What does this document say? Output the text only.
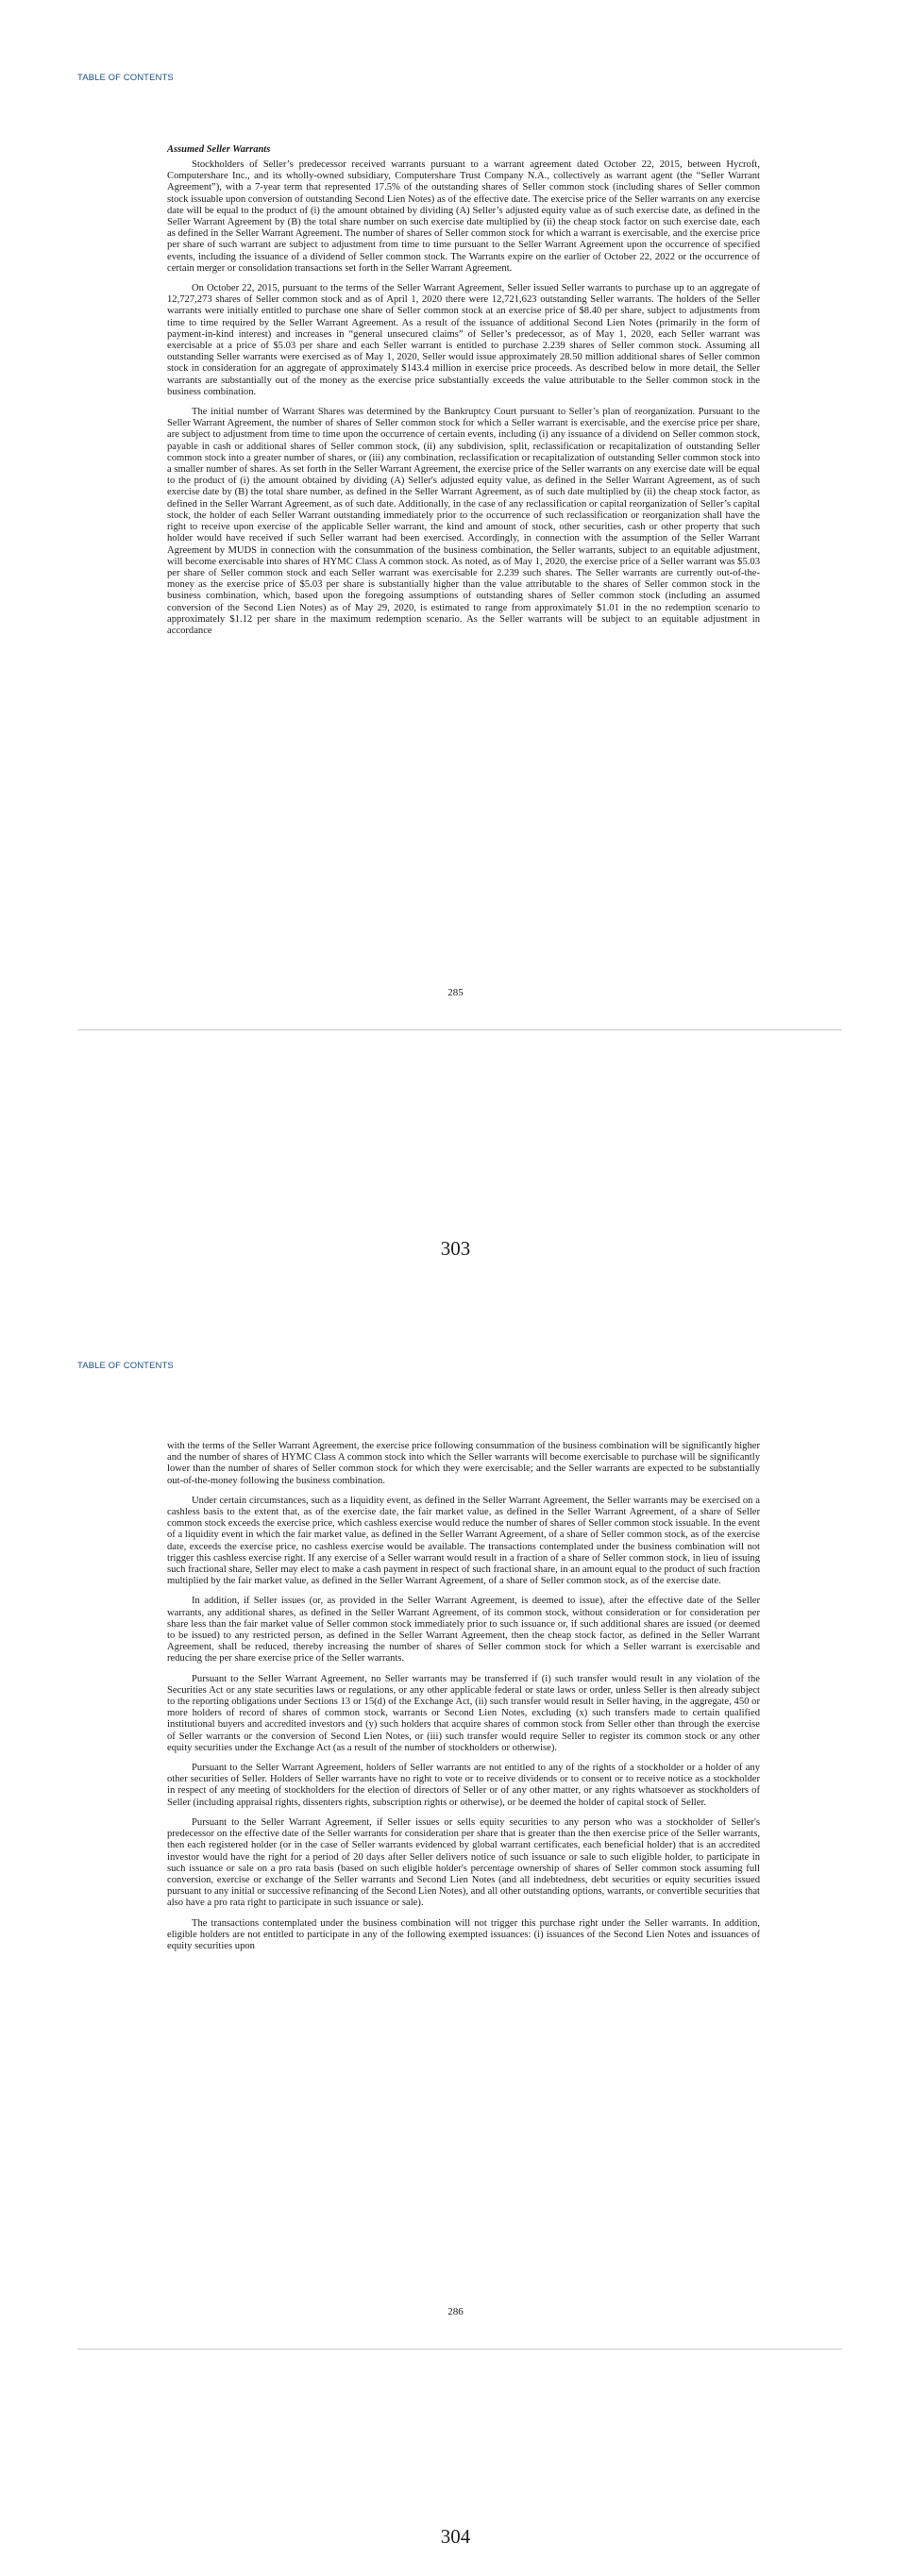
TABLE OF CONTENTS

Assumed Seller Warrants

Stockholders of Seller’s predecessor received warrants pursuant to a warrant agreement dated October 22, 2015, between Hycroft, Computershare Inc., and its wholly-owned subsidiary, Computershare Trust Company N.A., collectively as warrant agent (the “Seller Warrant Agreement”), with a 7-year term that represented 17.5% of the outstanding shares of Seller common stock (including shares of Seller common stock issuable upon conversion of outstanding Second Lien Notes) as of the effective date. The exercise price of the Seller warrants on any exercise date will be equal to the product of (i) the amount obtained by dividing (A) Seller’s adjusted equity value as of such exercise date, as defined in the Seller Warrant Agreement by (B) the total share number on such exercise date multiplied by (ii) the cheap stock factor on such exercise date, each as defined in the Seller Warrant Agreement. The number of shares of Seller common stock for which a warrant is exercisable, and the exercise price per share of such warrant are subject to adjustment from time to time pursuant to the Seller Warrant Agreement upon the occurrence of specified events, including the issuance of a dividend of Seller common stock. The Warrants expire on the earlier of October 22, 2022 or the occurrence of certain merger or consolidation transactions set forth in the Seller Warrant Agreement.

On October 22, 2015, pursuant to the terms of the Seller Warrant Agreement, Seller issued Seller warrants to purchase up to an aggregate of 12,727,273 shares of Seller common stock and as of April 1, 2020 there were 12,721,623 outstanding Seller warrants. The holders of the Seller warrants were initially entitled to purchase one share of Seller common stock at an exercise price of $8.40 per share, subject to adjustments from time to time required by the Seller Warrant Agreement. As a result of the issuance of additional Second Lien Notes (primarily in the form of payment-in-kind interest) and increases in “general unsecured claims” of Seller’s predecessor, as of May 1, 2020, each Seller warrant was exercisable at a price of $5.03 per share and each Seller warrant is entitled to purchase 2.239 shares of Seller common stock. Assuming all outstanding Seller warrants were exercised as of May 1, 2020, Seller would issue approximately 28.50 million additional shares of Seller common stock in consideration for an aggregate of approximately $143.4 million in exercise price proceeds. As described below in more detail, the Seller warrants are substantially out of the money as the exercise price substantially exceeds the value attributable to the Seller common stock in the business combination.

The initial number of Warrant Shares was determined by the Bankruptcy Court pursuant to Seller’s plan of reorganization. Pursuant to the Seller Warrant Agreement, the number of shares of Seller common stock for which a Seller warrant is exercisable, and the exercise price per share, are subject to adjustment from time to time upon the occurrence of certain events, including (i) any issuance of a dividend on Seller common stock, payable in cash or additional shares of Seller common stock, (ii) any subdivision, split, reclassification or recapitalization of outstanding Seller common stock into a greater number of shares, or (iii) any combination, reclassification or recapitalization of outstanding Seller common stock into a smaller number of shares. As set forth in the Seller Warrant Agreement, the exercise price of the Seller warrants on any exercise date will be equal to the product of (i) the amount obtained by dividing (A) Seller's adjusted equity value, as defined in the Seller Warrant Agreement, as of such exercise date by (B) the total share number, as defined in the Seller Warrant Agreement, as of such date multiplied by (ii) the cheap stock factor, as defined in the Seller Warrant Agreement, as of such date. Additionally, in the case of any reclassification or capital reorganization of Seller’s capital stock, the holder of each Seller Warrant outstanding immediately prior to the occurrence of such reclassification or reorganization shall have the right to receive upon exercise of the applicable Seller warrant, the kind and amount of stock, other securities, cash or other property that such holder would have received if such Seller warrant had been exercised. Accordingly, in connection with the assumption of the Seller Warrant Agreement by MUDS in connection with the consummation of the business combination, the Seller warrants, subject to an equitable adjustment, will become exercisable into shares of HYMC Class A common stock. As noted, as of May 1, 2020, the exercise price of a Seller warrant was $5.03 per share of Seller common stock and each Seller warrant was exercisable for 2.239 such shares. The Seller warrants are currently out-of-the-money as the exercise price of $5.03 per share is substantially higher than the value attributable to the shares of Seller common stock in the business combination, which, based upon the foregoing assumptions of outstanding shares of Seller common stock (including an assumed conversion of the Second Lien Notes) as of May 29, 2020, is estimated to range from approximately $1.01 in the no redemption scenario to approximately $1.12 per share in the maximum redemption scenario. As the Seller warrants will be subject to an equitable adjustment in accordance

285
303
TABLE OF CONTENTS

with the terms of the Seller Warrant Agreement, the exercise price following consummation of the business combination will be significantly higher and the number of shares of HYMC Class A common stock into which the Seller warrants will become exercisable to purchase will be significantly lower than the number of shares of Seller common stock for which they were exercisable; and the Seller warrants are expected to be substantially out-of-the-money following the business combination.

Under certain circumstances, such as a liquidity event, as defined in the Seller Warrant Agreement, the Seller warrants may be exercised on a cashless basis to the extent that, as of the exercise date, the fair market value, as defined in the Seller Warrant Agreement, of a share of Seller common stock exceeds the exercise price, which cashless exercise would reduce the number of shares of Seller common stock issuable. In the event of a liquidity event in which the fair market value, as defined in the Seller Warrant Agreement, of a share of Seller common stock, as of the exercise date, exceeds the exercise price, no cashless exercise would be available. The transactions contemplated under the business combination will not trigger this cashless exercise right. If any exercise of a Seller warrant would result in a fraction of a share of Seller common stock, in lieu of issuing such fractional share, Seller may elect to make a cash payment in respect of such fractional share, in an amount equal to the product of such fraction multiplied by the fair market value, as defined in the Seller Warrant Agreement, of a share of Seller common stock, as of the exercise date.

In addition, if Seller issues (or, as provided in the Seller Warrant Agreement, is deemed to issue), after the effective date of the Seller warrants, any additional shares, as defined in the Seller Warrant Agreement, of its common stock, without consideration or for consideration per share less than the fair market value of Seller common stock immediately prior to such issuance or, if such additional shares are issued (or deemed to be issued) to any restricted person, as defined in the Seller Warrant Agreement, then the cheap stock factor, as defined in the Seller Warrant Agreement, shall be reduced, thereby increasing the number of shares of Seller common stock for which a Seller warrant is exercisable and reducing the per share exercise price of the Seller warrants.

Pursuant to the Seller Warrant Agreement, no Seller warrants may be transferred if (i) such transfer would result in any violation of the Securities Act or any state securities laws or regulations, or any other applicable federal or state laws or order, unless Seller is then already subject to the reporting obligations under Sections 13 or 15(d) of the Exchange Act, (ii) such transfer would result in Seller having, in the aggregate, 450 or more holders of record of shares of common stock, warrants or Second Lien Notes, excluding (x) such transfers made to certain qualified institutional buyers and accredited investors and (y) such holders that acquire shares of common stock from Seller other than through the exercise of Seller warrants or the conversion of Second Lien Notes, or (iii) such transfer would require Seller to register its common stock or any other equity securities under the Exchange Act (as a result of the number of stockholders or otherwise).

Pursuant to the Seller Warrant Agreement, holders of Seller warrants are not entitled to any of the rights of a stockholder or a holder of any other securities of Seller. Holders of Seller warrants have no right to vote or to receive dividends or to consent or to receive notice as a stockholder in respect of any meeting of stockholders for the election of directors of Seller or of any other matter, or any rights whatsoever as stockholders of Seller (including appraisal rights, dissenters rights, subscription rights or otherwise), or be deemed the holder of capital stock of Seller.

Pursuant to the Seller Warrant Agreement, if Seller issues or sells equity securities to any person who was a stockholder of Seller's predecessor on the effective date of the Seller warrants for consideration per share that is greater than the then exercise price of the Seller warrants, then each registered holder (or in the case of Seller warrants evidenced by global warrant certificates, each beneficial holder) that is an accredited investor would have the right for a period of 20 days after Seller delivers notice of such issuance or sale to such eligible holder, to participate in such issuance or sale on a pro rata basis (based on such eligible holder's percentage ownership of shares of Seller common stock assuming full conversion, exercise or exchange of the Seller warrants and Second Lien Notes (and all indebtedness, debt securities or equity securities issued pursuant to any initial or successive refinancing of the Second Lien Notes), and all other outstanding options, warrants, or convertible securities that also have a pro rata right to participate in such issuance or sale).

The transactions contemplated under the business combination will not trigger this purchase right under the Seller warrants. In addition, eligible holders are not entitled to participate in any of the following exempted issuances: (i) issuances of the Second Lien Notes and issuances of equity securities upon

286
304
